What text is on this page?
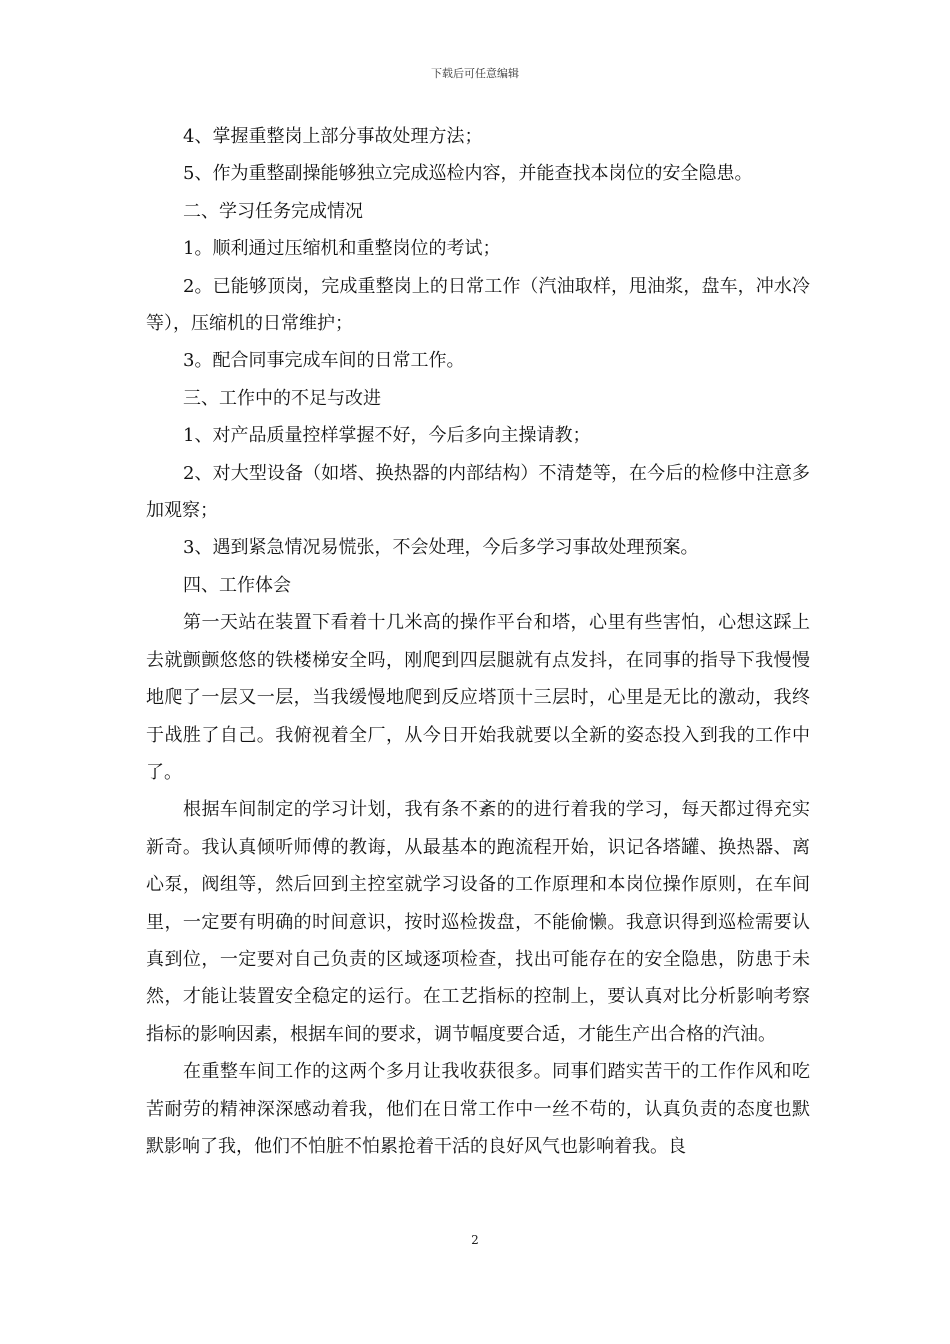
下载后可任意编辑

4、掌握重整岗上部分事故处理方法；

5、作为重整副操能够独立完成巡检内容，并能查找本岗位的安全隐患。

二、学习任务完成情况

1。顺利通过压缩机和重整岗位的考试；

2。已能够顶岗，完成重整岗上的日常工作（汽油取样，甩油浆，盘车，冲水冷等），压缩机的日常维护；

3。配合同事完成车间的日常工作。

三、工作中的不足与改进

1、对产品质量控样掌握不好，今后多向主操请教；

2、对大型设备（如塔、换热器的内部结构）不清楚等，在今后的检修中注意多加观察；

3、遇到紧急情况易慌张，不会处理，今后多学习事故处理预案。

四、工作体会

第一天站在装置下看着十几米高的操作平台和塔，心里有些害怕，心想这踩上去就颤颤悠悠的铁楼梯安全吗，刚爬到四层腿就有点发抖，在同事的指导下我慢慢地爬了一层又一层，当我缓慢地爬到反应塔顶十三层时，心里是无比的激动，我终于战胜了自己。我俯视着全厂，从今日开始我就要以全新的姿态投入到我的工作中了。

根据车间制定的学习计划，我有条不紊的的进行着我的学习，每天都过得充实新奇。我认真倾听师傅的教诲，从最基本的跑流程开始，识记各塔罐、换热器、离心泵，阀组等，然后回到主控室就学习设备的工作原理和本岗位操作原则，在车间里，一定要有明确的时间意识，按时巡检拨盘，不能偷懒。我意识得到巡检需要认真到位，一定要对自己负责的区域逐项检查，找出可能存在的安全隐患，防患于未然，才能让装置安全稳定的运行。在工艺指标的控制上，要认真对比分析影响考察指标的影响因素，根据车间的要求，调节幅度要合适，才能生产出合格的汽油。

在重整车间工作的这两个多月让我收获很多。同事们踏实苦干的工作作风和吃苦耐劳的精神深深感动着我，他们在日常工作中一丝不苟的，认真负责的态度也默默影响了我，他们不怕脏不怕累抢着干活的良好风气也影响着我。良

2
